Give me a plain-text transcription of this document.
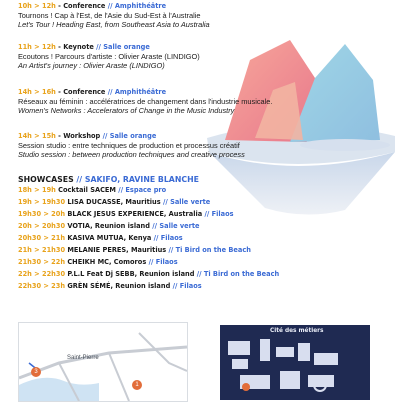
10h > 12h - Conference // Amphithéâtre
Tournons ! Cap à l'Est, de l'Asie du Sud-Est à l'Australie
Let's Tour ! Heading East, from Southeast Asia to Australia
11h > 12h - Keynote // Salle orange
Ecoutons ! Parcours d'artiste : Olivier Araste (LINDIGO)
An Artist's journey : Olivier Araste (LINDIGO)
14h > 16h - Conference // Amphithéâtre
Réseaux au féminin : accélératrices de changement dans l'industrie musicale.
Women's Networks : Accelerators of Change in the Music Industry
14h > 15h - Workshop // Salle orange
Session studio : entre techniques de production et processus créatif
Studio session : between production techniques and creative process
SHOWCASES // SAKIFO, RAVINE BLANCHE
18h > 19h Cocktail SACEM // Espace pro
19h > 19h30 LISA DUCASSE, Mauritius // Salle verte
19h30 > 20h BLACK JESUS EXPERIENCE, Australia // Filaos
20h > 20h30 VOTIA, Reunion island // Salle verte
20h30 > 21h KASIVA MUTUA, Kenya // Filaos
21h > 21h30 MELANIE PERES, Mauritius // Ti Bird on the Beach
21h30 > 22h CHEIKH MC, Comoros // Filaos
22h > 22h30 P.L.L Feat Dj SEBB, Reunion island // Ti Bird on the Beach
22h30 > 23h GRÈN SÉMÉ, Reunion island // Filaos
Saint-Pierre
1
3
Cité des métiers
